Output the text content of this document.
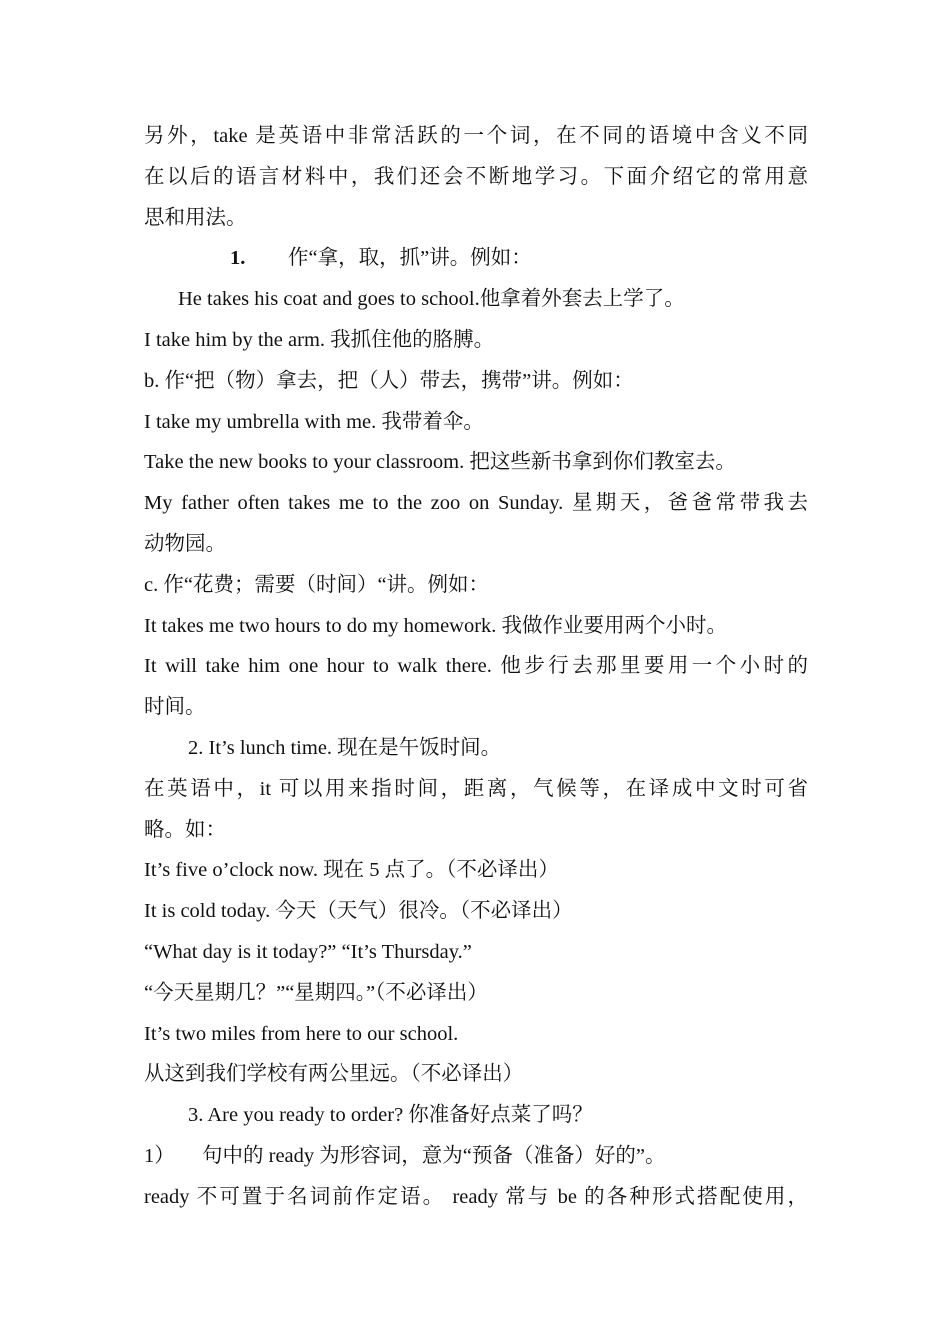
另外，take 是英语中非常活跃的一个词，在不同的语境中含义不同
在以后的语言材料中，我们还会不断地学习。下面介绍它的常用意
思和用法。
1. 作“拿，取，抓”讲。例如：
He takes his coat and goes to school.他拿着外套去上学了。
I take him by the arm. 我抓住他的胳膊。
b. 作“把（物）拿去，把（人）带去，携带”讲。例如：
I take my umbrella with me. 我带着伞。
Take the new books to your classroom. 把这些新书拿到你们教室去。
My father often takes me to the zoo on Sunday. 星期天，爸爸常带我去
动物园。
c. 作“花费；需要（时间）“讲。例如：
It takes me two hours to do my homework. 我做作业要用两个小时。
It will take him one hour to walk there. 他步行去那里要用一个小时的
时间。
2. It’s lunch time. 现在是午饭时间。
在英语中，it 可以用来指时间，距离，气候等，在译成中文时可省
略。如：
It’s five o’clock now. 现在 5 点了。（不必译出）
It is cold today. 今天（天气）很冷。（不必译出）
“What day is it today?” “It’s Thursday.”
“今天星期几？”“星期四。”（不必译出）
It’s two miles from here to our school.
从这到我们学校有两公里远。（不必译出）
3. Are you ready to order? 你准备好点菜了吗？
1） 句中的 ready 为形容词，意为“预备（准备）好的”。
ready 不可置于名词前作定语。 ready 常与 be 的各种形式搭配使用，
